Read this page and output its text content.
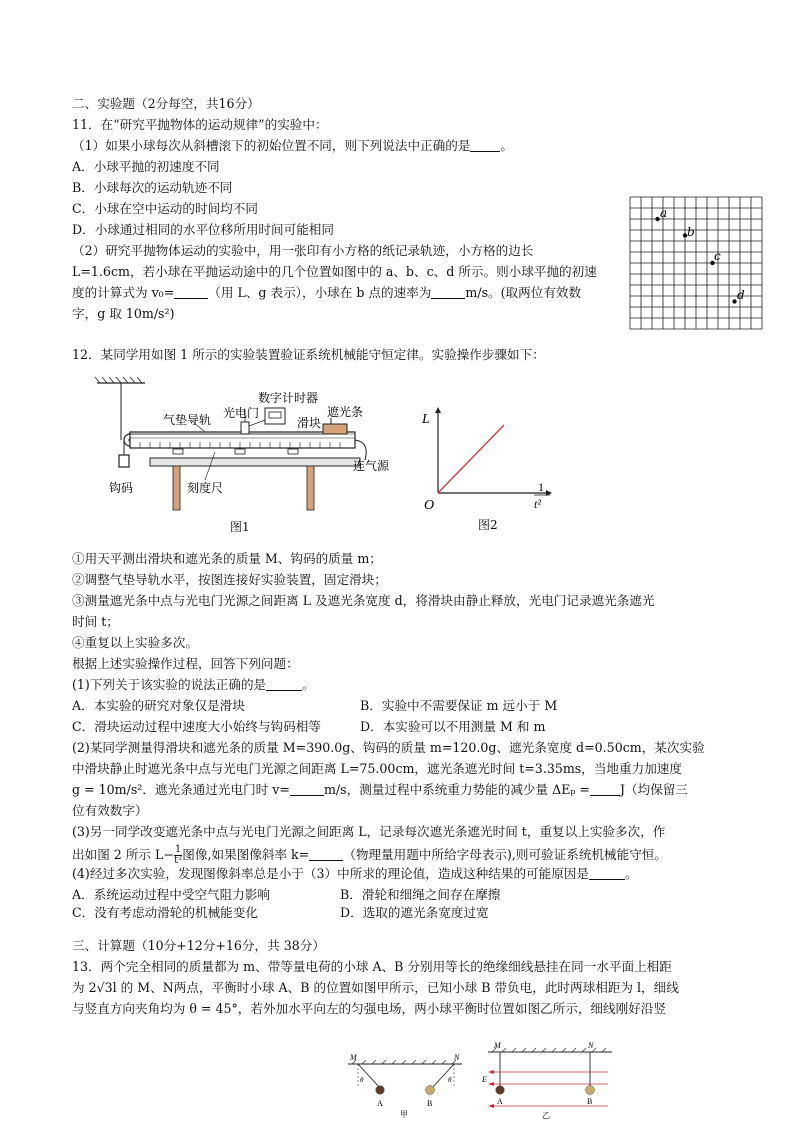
二、实验题（2分每空，共16分）
11．在“研究平抛物体的运动规律”的实验中：
（1）如果小球每次从斜槽滚下的初始位置不同，则下列说法中正确的是 。
A．小球平抛的初速度不同
B．小球每次的运动轨迹不同
C．小球在空中运动的时间均不同
D．小球通过相同的水平位移所用时间可能相同
（2）研究平抛物体运动的实验中，用一张印有小方格的纸记录轨迹，小方格的边长
L=1.6cm，若小球在平抛运动途中的几个位置如图中的 a、b、c、d 所示。则小球平抛的初速
度的计算式为 v₀=	（用 L、g 表示），小球在 b 点的速率为	m/s。(取两位有效数
字，g 取 10m/s²)
a
b
c
d
12．某同学用如图 1 所示的实验装置验证系统机械能守恒定律。实验操作步骤如下：
钩码
数字计时器
光电门
气垫导轨	滑块
遮光条
连气源
刻度尺
图1
L
O
1
t²
图2
①用天平测出滑块和遮光条的质量 M、钩码的质量 m；
②调整气垫导轨水平，按图连接好实验装置，固定滑块；
③测量遮光条中点与光电门光源之间距离 L 及遮光条宽度 d，将滑块由静止释放，光电门记录遮光条遮光
时间 t；
④重复以上实验多次。
根据上述实验操作过程，回答下列问题：
(1)下列关于该实验的说法正确的是	。
A．本实验的研究对象仅是滑块	B．实验中不需要保证 m 远小于 M
C．滑块运动过程中速度大小始终与钩码相等	D．本实验可以不用测量 M 和 m
(2)某同学测量得滑块和遮光条的质量 M=390.0g、钩码的质量 m=120.0g、遮光条宽度 d=0.50cm，某次实验
中滑块静止时遮光条中点与光电门光源之间距离 L=75.00cm，遮光条遮光时间 t=3.35ms，当地重力加速度
g = 10m/s²．遮光条通过光电门时 v=	m/s，测量过程中系统重力势能的减少量 ΔEₚ = J（均保留三
位有效数字）
(3)另一同学改变遮光条中点与光电门光源之间距离 L，记录每次遮光条遮光时间 t，重复以上实验多次，作
出如图 2 所示 $L- \frac{1}{\text{t²}}$ 图像,如果图像斜率 k=	（物理量用题中所给字母表示),则可验证系统机械能守恒。
(4)经过多次实验，发现图像斜率总是小于（3）中所求的理论值，造成这种结果的可能原因是	。
A．系统运动过程中受空气阻力影响	B．滑轮和细绳之间存在摩擦
C．没有考虑动滑轮的机械能变化	D．选取的遮光条宽度过宽
三、计算题（10分+12分+16分，共 38分）
13．两个完全相同的质量都为 m、带等量电荷的小球 A、B 分别用等长的绝缘细线悬挂在同一水平面上相距
为 2√3l 的 M、N两点，平衡时小球 A、B 的位置如图甲所示，已知小球 B 带负电，此时两球相距为 l，细线
与竖直方向夹角均为 θ = 45°，若外加水平向左的匀强电场，两小球平衡时位置如图乙所示，细线刚好沿竖
M	N
θ	θ
A	B
甲
M	N
E
A	B
乙
